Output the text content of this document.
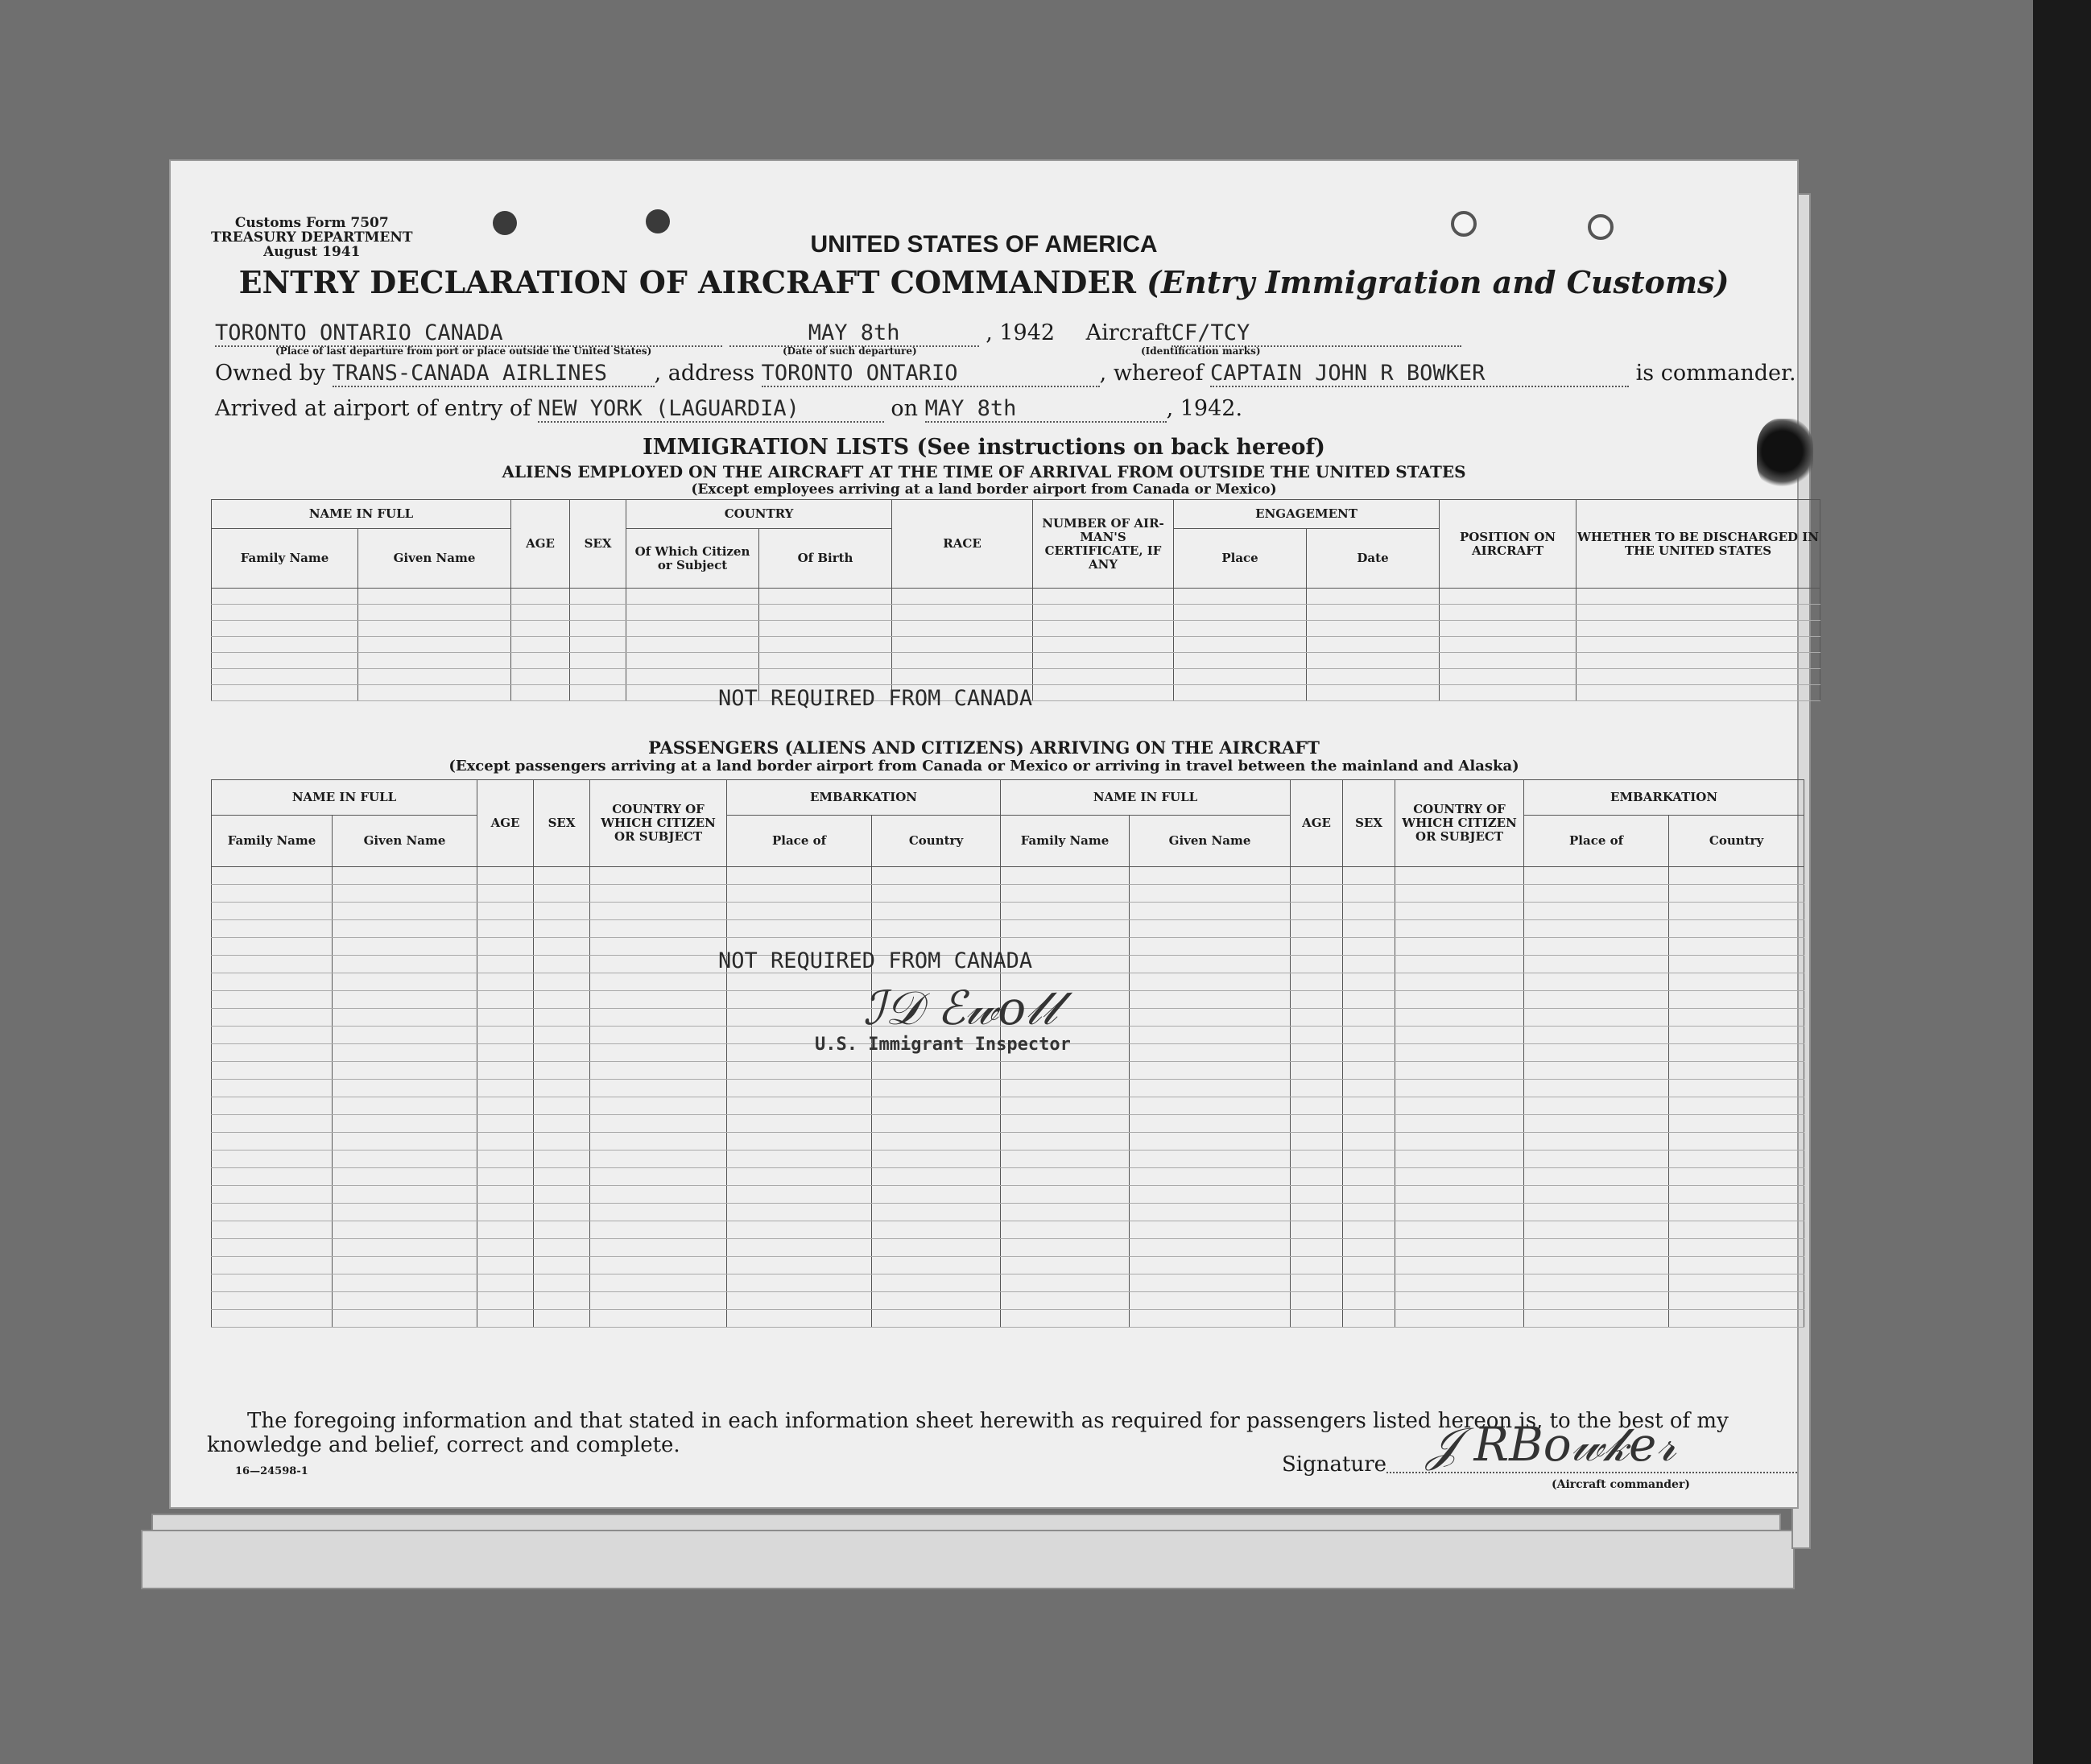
Customs Form 7507
TREASURY DEPARTMENT
August 1941	UNITED STATES OF AMERICA
ENTRY DECLARATION OF AIRCRAFT COMMANDER (Entry Immigration and Customs)
TORONTO ONTARIO CANADA	MAY 8th	, 1942 AircraftCF/TCY
(Place of last departure from port or place outside the United States)	(Date of such departure)	(Identification marks)
Owned by TRANS-CANADA AIRLINES , address TORONTO ONTARIO	, whereof CAPTAIN JOHN R BOWKER	is commander.
Arrived at airport of entry of NEW YORK (LAGUARDIA)	on MAY 8th	, 1942.
IMMIGRATION LISTS (See instructions on back hereof)
ALIENS EMPLOYED ON THE AIRCRAFT AT THE TIME OF ARRIVAL FROM OUTSIDE THE UNITED STATES
(Except employees arriving at a land border airport from Canada or Mexico)
NAME IN FULL		AGE	SEX	COUNTRY		RACE	NUMBER OF AIR-MAN'S CERTIFICATE, IF ANY	ENGAGEMENT		POSITION ON AIRCRAFT	WHETHER TO BE DISCHARGED IN THE UNITED STATES
Family Name	Given Name			Of Which Citizen or Subject	Of Birth			Place	Date		

NOT REQUIRED FROM CANADA
PASSENGERS (ALIENS AND CITIZENS) ARRIVING ON THE AIRCRAFT
(Except passengers arriving at a land border airport from Canada or Mexico or arriving in travel between the mainland and Alaska)
NAME IN FULL		AGE	SEX	COUNTRY OF WHICH CITIZEN OR SUBJECT	EMBARKATION		NAME IN FULL		AGE	SEX	COUNTRY OF WHICH CITIZEN OR SUBJECT	EMBARKATION	
Family Name	Given Name				Place of	Country	Family Name	Given Name				Place of	Country

NOT REQUIRED FROM CANADA
ℐ𝒟 ℰ𝓌𝑜𝓁𝓁
U.S. Immigrant Inspector
The foregoing information and that stated in each information sheet herewith as required for passengers listed hereon is, to the best of my knowledge and belief, correct and complete.
16—24598-1	Signature 𝒥 𝑅𝐵𝑜𝓌𝓀𝑒𝓇
(Aircraft commander)
